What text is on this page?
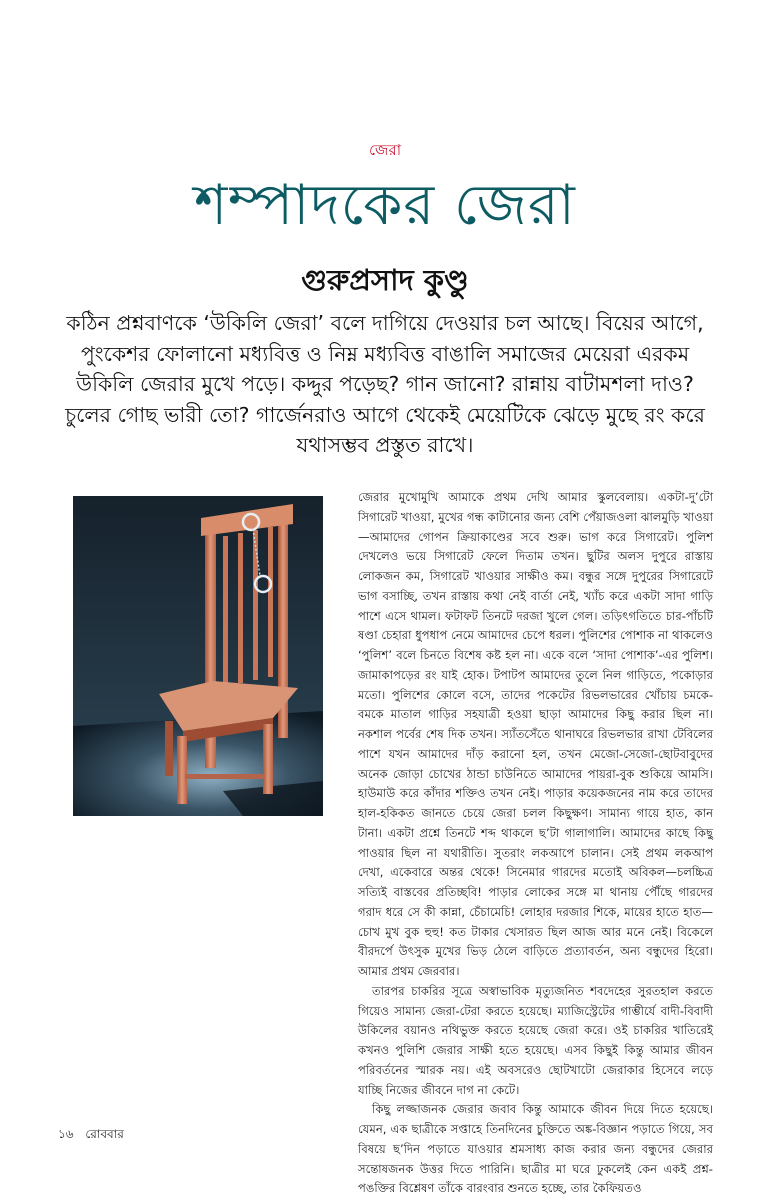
জেরা
শম্পাদকের জেরা
গুরুপ্রসাদ কুণ্ডু
কঠিন প্রশ্নবাণকে ‘উকিলি জেরা’ বলে দাগিয়ে দেওয়ার চল আছে। বিয়ের আগে, পুংকেশর ফোলানো মধ্যবিত্ত ও নিম্ন মধ্যবিত্ত বাঙালি সমাজের মেয়েরা এরকম উকিলি জেরার মুখে পড়ে। কদ্দুর পড়েছ? গান জানো? রান্নায় বাটামশলা দাও? চুলের গোছ ভারী তো? গার্জেনরাও আগে থেকেই মেয়েটিকে ঝেড়ে মুছে রং করে যথাসম্ভব প্রস্তুত রাখে।

জেরার মুখোমুখি আমাকে প্রথম দেখি আমার স্কুলবেলায়। একটা-দু’টো সিগারেট খাওয়া, মুখের গন্ধ কাটানোর জন্য বেশি পেঁয়াজওলা ঝালমুড়ি খাওয়া—আমাদের গোপন ক্রিয়াকাণ্ডের সবে শুরু। ভাগ করে সিগারেট। পুলিশ দেখলেও ভয়ে সিগারেট ফেলে দিতাম তখন। ছুটির অলস দুপুরে রাস্তায় লোকজন কম, সিগারেট খাওয়ার সাক্ষীও কম। বন্ধুর সঙ্গে দুপুরের সিগারেটে ভাগ বসাচ্ছি, তখন রাস্তায় কথা নেই বার্তা নেই, খ্যাঁচ করে একটা সাদা গাড়ি পাশে এসে থামল। ফটাফট তিনটে দরজা খুলে গেল। তড়িৎগতিতে চার-পাঁচটি ষণ্ডা চেহারা ধুপধাপ নেমে আমাদের চেপে ধরল। পুলিশের পোশাক না থাকলেও ‘পুলিশ’ বলে চিনতে বিশেষ কষ্ট হল না। একে বলে ‘সাদা পোশাক’-এর পুলিশ। জামাকাপড়ের রং যাই হোক। টপাটপ আমাদের তুলে নিল গাড়িতে, পকোড়ার মতো। পুলিশের কোলে বসে, তাদের পকেটের রিভলভারের খোঁচায় চমকে-বমকে মাতাল গাড়ির সহযাত্রী হওয়া ছাড়া আমাদের কিছু করার ছিল না। নকশাল পর্বের শেষ দিক তখন। স্যাঁতসেঁতে থানাঘরে রিভলভার রাখা টেবিলের পাশে যখন আমাদের দাঁড় করানো হল, তখন মেজো-সেজো-ছোটবাবুদের অনেক জোড়া চোখের ঠান্ডা চাউনিতে আমাদের পায়রা-বুক শুকিয়ে আমসি। হাউমাউ করে কাঁদার শক্তিও তখন নেই। পাড়ার কয়েকজনের নাম করে তাদের হাল-হকিকত জানতে চেয়ে জেরা চলল কিছুক্ষণ। সামান্য গায়ে হাত, কান টানা। একটা প্রশ্নে তিনটে শব্দ থাকলে ছ’টা গালাগালি। আমাদের কাছে কিছু পাওয়ার ছিল না যথারীতি। সুতরাং লকআপে চালান। সেই প্রথম লকআপ দেখা, একেবারে অন্তর থেকে! সিনেমার গারদের মতোই অবিকল—চলচ্চিত্র সত্যিই বাস্তবের প্রতিচ্ছবি! পাড়ার লোকের সঙ্গে মা থানায় পৌঁছে গারদের গরাদ ধরে সে কী কান্না, চেঁচামেচি! লোহার দরজার শিকে, মায়ের হাতে হাত—চোখ মুখ বুক হুহু! কত টাকার খেসারত ছিল আজ আর মনে নেই। বিকেলে বীরদর্পে উৎসুক মুখের ভিড় ঠেলে বাড়িতে প্রত্যাবর্তন, অন্য বন্ধুদের হিরো। আমার প্রথম জেরবার।

তারপর চাকরির সূত্রে অস্বাভাবিক মৃত্যুজনিত শবদেহের সুরতহাল করতে গিয়েও সামান্য জেরা-টেরা করতে হয়েছে। ম্যাজিস্ট্রেটের গাম্ভীর্যে বাদী-বিবাদী উকিলের বয়ানও নথিভুক্ত করতে হয়েছে জেরা করে। ওই চাকরির খাতিরেই কখনও পুলিশি জেরার সাক্ষী হতে হয়েছে। এসব কিছুই কিন্তু আমার জীবন পরিবর্তনের স্মারক নয়। এই অবসরেও ছোটখাটো জেরাকার হিসেবে লড়ে যাচ্ছি নিজের জীবনে দাগ না কেটে।

কিছু লজ্জাজনক জেরার জবাব কিন্তু আমাকে জীবন দিয়ে দিতে হয়েছে। যেমন, এক ছাত্রীকে সপ্তাহে তিনদিনের চুক্তিতে অঙ্ক-বিজ্ঞান পড়াতে গিয়ে, সব বিষয়ে ছ’দিন পড়াতে যাওয়ার শ্রমসাধ্য কাজ করার জন্য বন্ধুদের জেরার সন্তোষজনক উত্তর দিতে পারিনি। ছাত্রীর মা ঘরে ঢুকলেই কেন একই প্রশ্ন-পঙক্তির বিশ্লেষণ তাঁকে বারংবার শুনতে হচ্ছে, তার কৈফিয়তও

১৬ রোববার
